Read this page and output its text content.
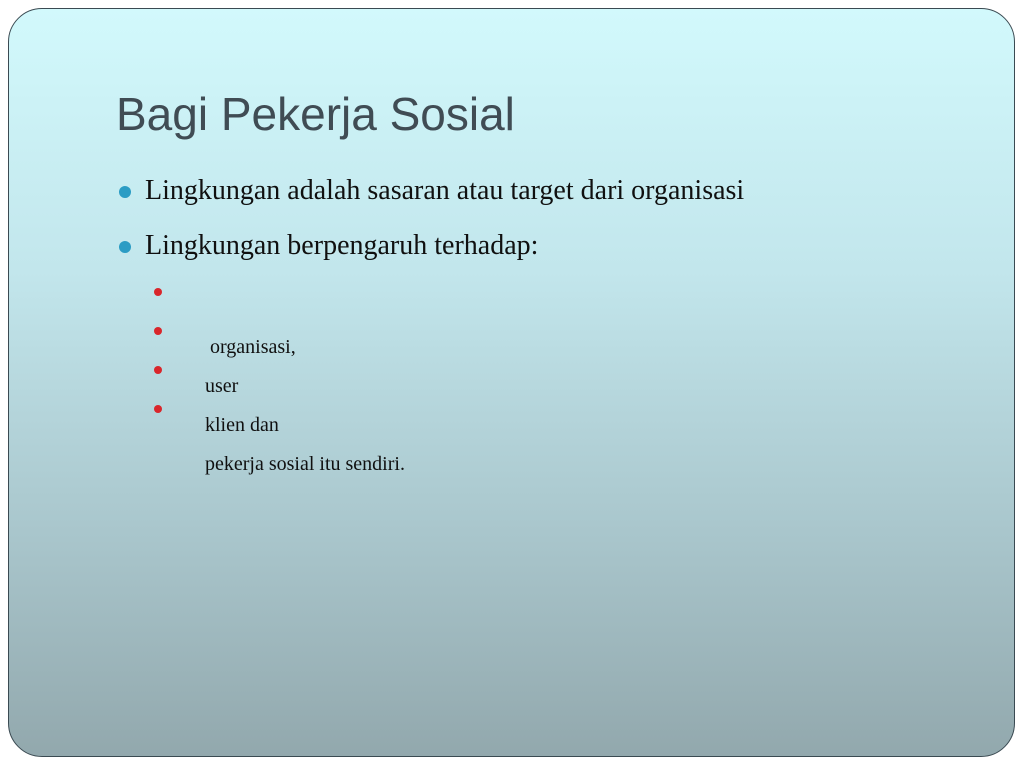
Bagi Pekerja Sosial
Lingkungan adalah sasaran atau target dari organisasi
Lingkungan berpengaruh terhadap:

organisasi,

user

klien dan

pekerja sosial itu sendiri.
